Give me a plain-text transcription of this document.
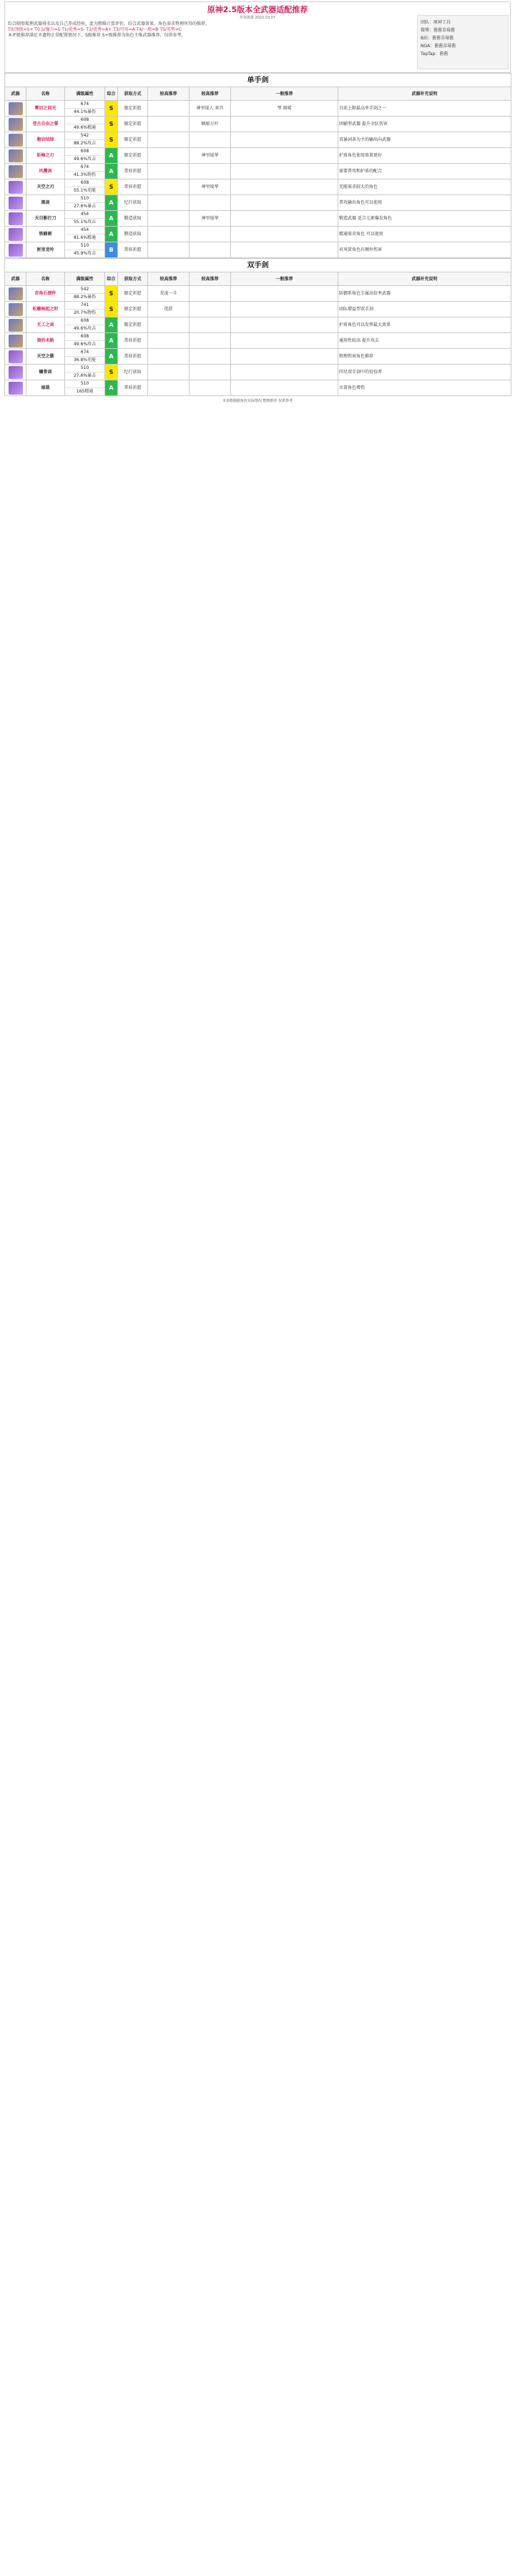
原神2.5版本全武器适配推荐
草莓酱酱 2022.03.07

综合隔壁狐狸武器排名以及自己养成经验，此为粗略计算评价，结合武器效果、角色需求整理所得的推荐。

T0/顶级=S+ T0.5/强力=S T1/优秀=S- T2/优秀=A+ T3/可用=A T4/一般=B T5/劣势=C

本评级推荐满足圣遗物正常配置情况下，S级推荐 S+级推荐为角色主推武器推荐，仅供参考。

团队：原神工具
微博：酱酱草莓酱
B站：酱酱草莓酱
NGA：酱酱草莓酱
TapTap：酱酱
单手剑								
武器	名称	满级属性	综合	获取方式	较高推荐	较高推荐	一般推荐	武器补充说明

	雾切之回光	674
44.1%暴伤	S	限定祈愿		神里绫人 宵宫	琴 刻晴	目前上限最高单手剑之一

	苍古自由之誓	608
49.6%精通	S	限定祈愿		枫原万叶		团辅型武器 提升全队伤害

	磐岩结绿	542
88.2%攻击	S	限定祈愿				双暴词条为主的输出向武器

	斫峰之刃	608
49.6%攻击	A	限定祈愿		神里绫华		护盾角色使用效果更好

	风鹰剑	674
41.3%物伤	A	常驻祈愿				需要普攻和护盾的配合

	天空之刃	608
55.1%充能	S	常驻祈愿		神里绫华		充能需求较大的角色

	黑剑	510
27.6%暴击	A	纪行获取				普攻输出角色可以使用

	天目影打刀	454
55.1%攻击	A	锻造获取		神里绫华		锻造武器 适合元素爆发角色

	铁蜂刺	454
81.6%精通	A	锻造获取				精通需求角色 可以使用

	匣里龙吟	510
45.9%攻击	B	常驻祈愿				对风雷角色有额外伤害
双手剑								
武器	名称	满级属性	综合	获取方式	较高推荐	较高推荐	一般推荐	武器补充说明

	赤角石溃杵	542
88.2%暴伤	S	限定祈愿	荒泷一斗			防御系角色专属高倍率武器

	松籁响起之时	741
20.7%物伤	S	限定祈愿	优菈			团队增益型双手剑

	无工之剑	608
49.6%攻击	A	限定祈愿				护盾角色可以发挥最大效果

	狼的末路	608
49.6%攻击	A	常驻祈愿				通用性较高 提升攻击

	天空之傲	674
36.8%充能	A	常驻祈愿				物理伤害角色推荐

	螭骨剑	510
27.6%暴击	S	纪行获取				四星双手剑中的佼佼者

	雨裁	510
165精通	A	常驻祈愿				水雷角色增伤
本表格根据角色实际情况 整理推荐 仅供参考
